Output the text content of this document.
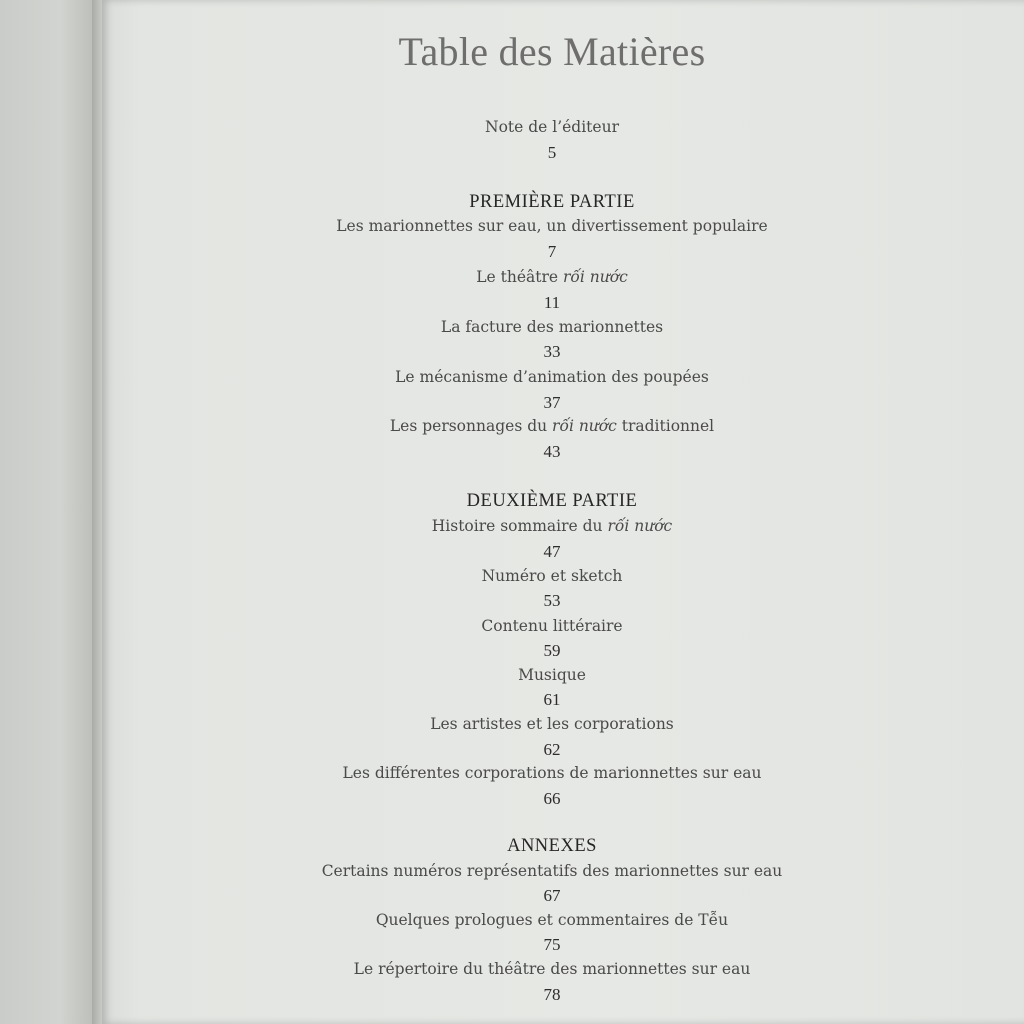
Table des Matières
Note de l’éditeur
5
PREMIÈRE PARTIE
Les marionnettes sur eau, un divertissement populaire
7
Le théâtre rối nước
11
La facture des marionnettes
33
Le mécanisme d’animation des poupées
37
Les personnages du rối nước traditionnel
43
DEUXIÈME PARTIE
Histoire sommaire du rối nước
47
Numéro et sketch
53
Contenu littéraire
59
Musique
61
Les artistes et les corporations
62
Les différentes corporations de marionnettes sur eau
66
ANNEXES
Certains numéros représentatifs des marionnettes sur eau
67
Quelques prologues et commentaires de Tễu
75
Le répertoire du théâtre des marionnettes sur eau
78
